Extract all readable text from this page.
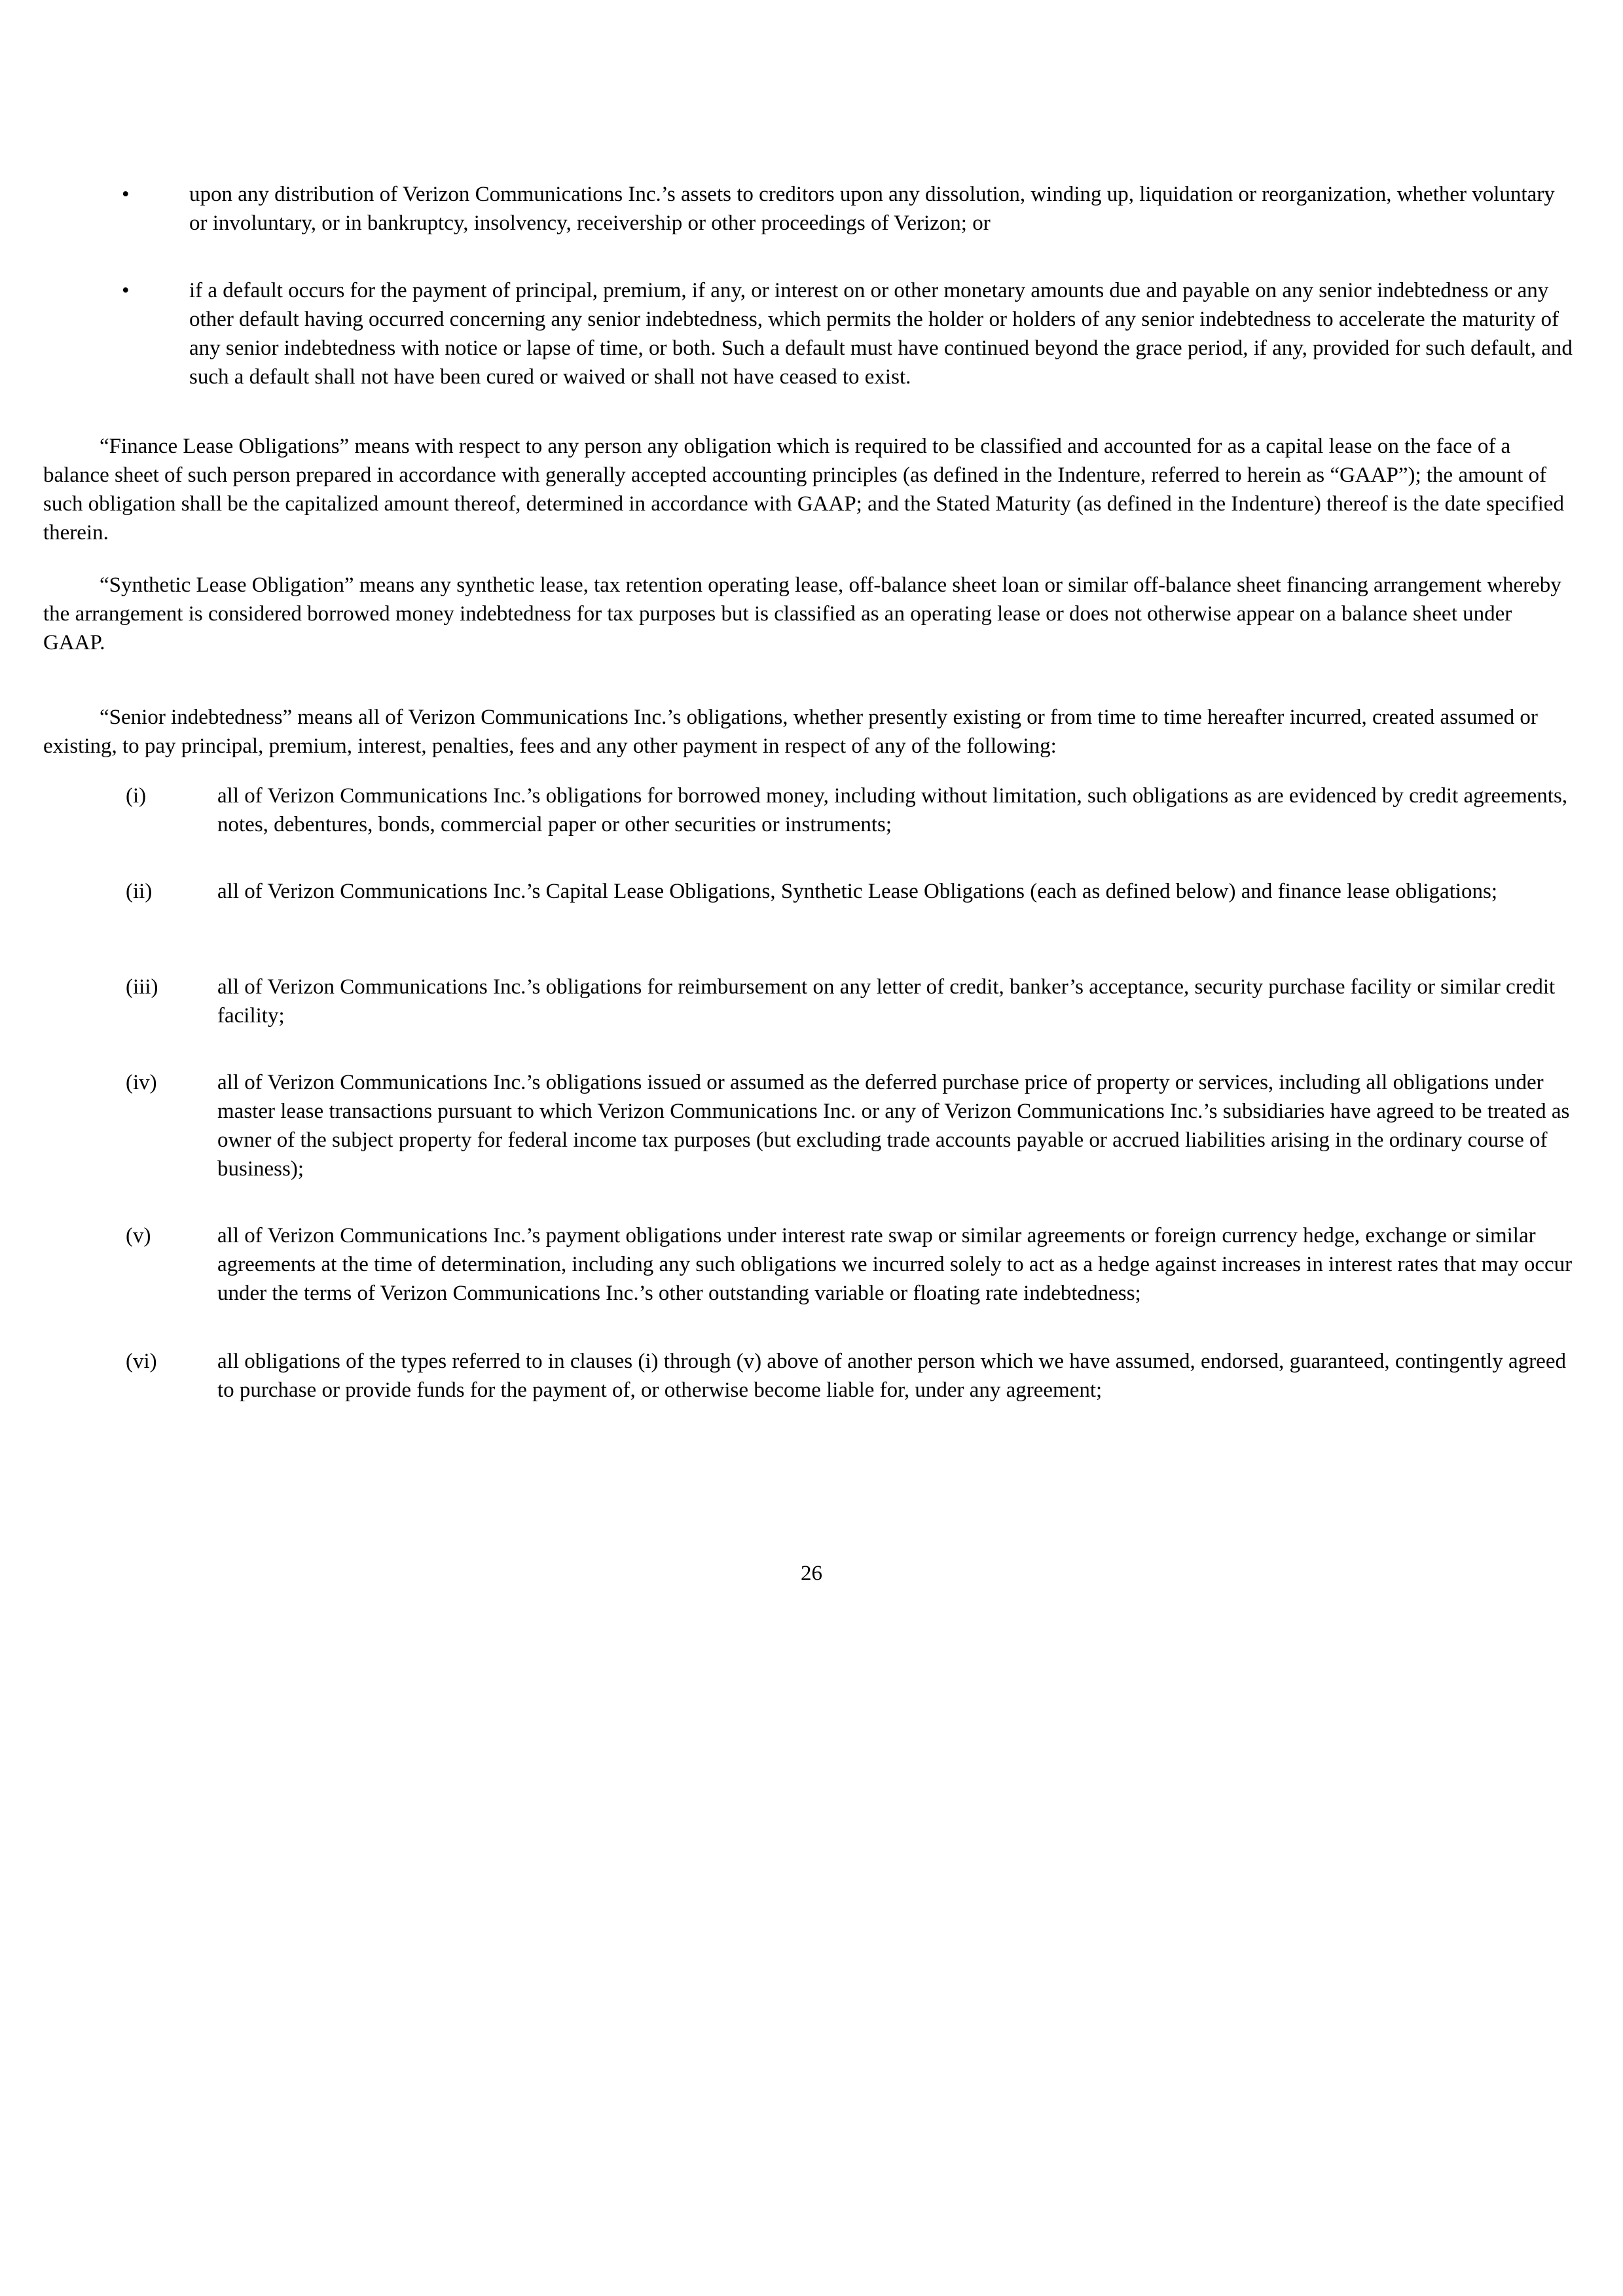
•	upon any distribution of Verizon Communications Inc.’s assets to creditors upon any dissolution, winding up, liquidation or reorganization, whether voluntary or involuntary, or in bankruptcy, insolvency, receivership or other proceedings of Verizon; or

•	if a default occurs for the payment of principal, premium, if any, or interest on or other monetary amounts due and payable on any senior indebtedness or any other default having occurred concerning any senior indebtedness, which permits the holder or holders of any senior indebtedness to accelerate the maturity of any senior indebtedness with notice or lapse of time, or both. Such a default must have continued beyond the grace period, if any, provided for such default, and such a default shall not have been cured or waived or shall not have ceased to exist.

“Finance Lease Obligations” means with respect to any person any obligation which is required to be classified and accounted for as a capital lease on the face of a balance sheet of such person prepared in accordance with generally accepted accounting principles (as defined in the Indenture, referred to herein as “GAAP”); the amount of such obligation shall be the capitalized amount thereof, determined in accordance with GAAP; and the Stated Maturity (as defined in the Indenture) thereof is the date specified therein.

“Synthetic Lease Obligation” means any synthetic lease, tax retention operating lease, off-balance sheet loan or similar off-balance sheet financing arrangement whereby the arrangement is considered borrowed money indebtedness for tax purposes but is classified as an operating lease or does not otherwise appear on a balance sheet under GAAP.

“Senior indebtedness” means all of Verizon Communications Inc.’s obligations, whether presently existing or from time to time hereafter incurred, created assumed or existing, to pay principal, premium, interest, penalties, fees and any other payment in respect of any of the following:

(i)	all of Verizon Communications Inc.’s obligations for borrowed money, including without limitation, such obligations as are evidenced by credit agreements, notes, debentures, bonds, commercial paper or other securities or instruments;

(ii)	all of Verizon Communications Inc.’s Capital Lease Obligations, Synthetic Lease Obligations (each as defined below) and finance lease obligations;

(iii)	all of Verizon Communications Inc.’s obligations for reimbursement on any letter of credit, banker’s acceptance, security purchase facility or similar credit facility;

(iv)	all of Verizon Communications Inc.’s obligations issued or assumed as the deferred purchase price of property or services, including all obligations under master lease transactions pursuant to which Verizon Communications Inc. or any of Verizon Communications Inc.’s subsidiaries have agreed to be treated as owner of the subject property for federal income tax purposes (but excluding trade accounts payable or accrued liabilities arising in the ordinary course of business);

(v)	all of Verizon Communications Inc.’s payment obligations under interest rate swap or similar agreements or foreign currency hedge, exchange or similar agreements at the time of determination, including any such obligations we incurred solely to act as a hedge against increases in interest rates that may occur under the terms of Verizon Communications Inc.’s other outstanding variable or floating rate indebtedness;

(vi)	all obligations of the types referred to in clauses (i) through (v) above of another person which we have assumed, endorsed, guaranteed, contingently agreed to purchase or provide funds for the payment of, or otherwise become liable for, under any agreement;

26
